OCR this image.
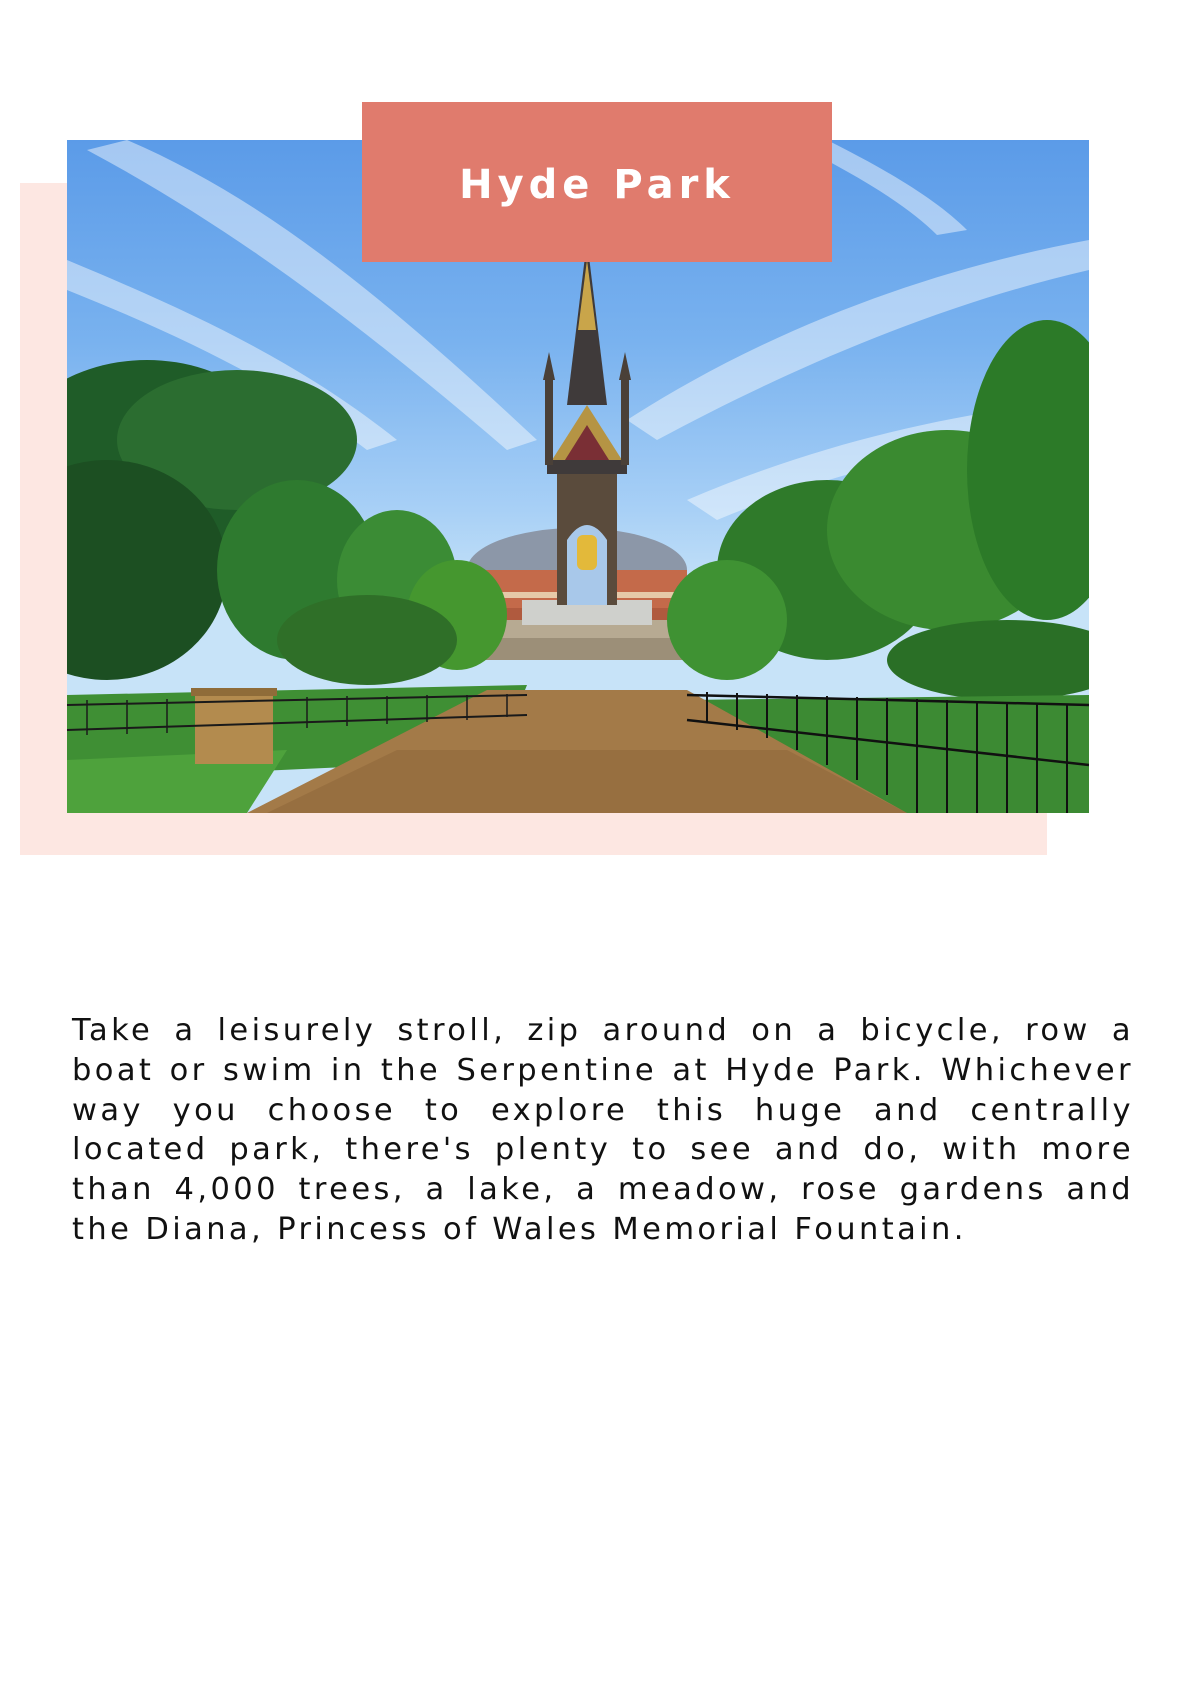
Hyde Park

Take a leisurely stroll, zip around on a bicycle, row a boat or swim in the Serpentine at Hyde Park. Whichever way you choose to explore this huge and centrally located park, there's plenty to see and do, with more than 4,000 trees, a lake, a meadow, rose gardens and the Diana, Princess of Wales Memorial Fountain.
